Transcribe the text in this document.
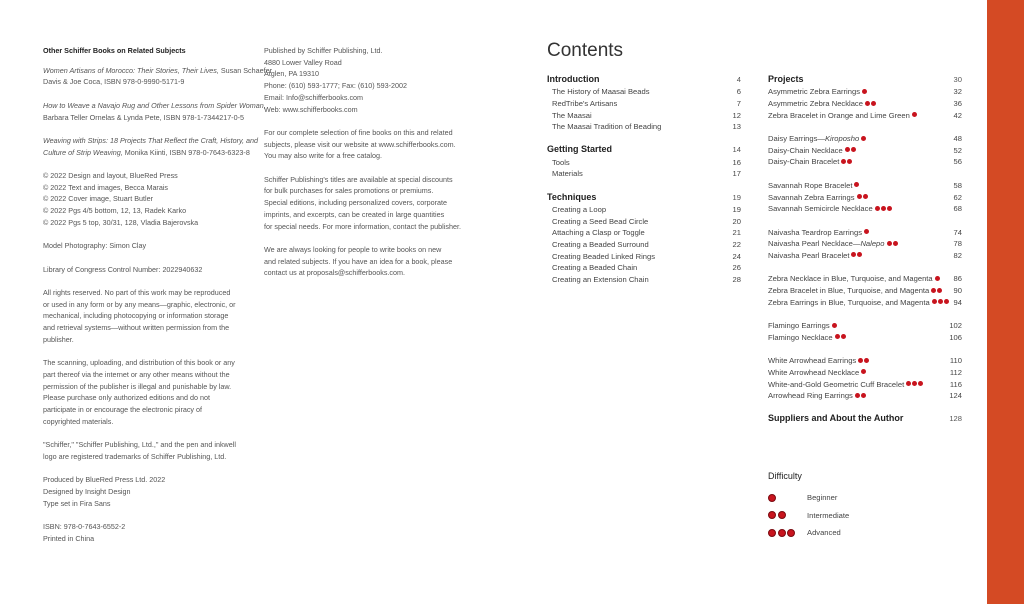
Other Schiffer Books on Related Subjects
Women Artisans of Morocco: Their Stories, Their Lives, Susan Schaefer
Davis & Joe Coca, ISBN 978-0-9990-5171-9
How to Weave a Navajo Rug and Other Lessons from Spider Woman,
Barbara Teller Ornelas & Lynda Pete, ISBN 978-1-7344217-0-5
Weaving with Strips: 18 Projects That Reflect the Craft, History, and
Culture of Strip Weaving, Monika Kiinti, ISBN 978-0-7643-6323-8
© 2022 Design and layout, BlueRed Press
© 2022 Text and images, Becca Marais
© 2022 Cover image, Stuart Butler
© 2022 Pgs 4/5 bottom, 12, 13, Radek Karko
© 2022 Pgs 5 top, 30/31, 128, Vladia Bajerovska
Model Photography: Simon Clay
Library of Congress Control Number: 2022940632
All rights reserved. No part of this work may be reproduced
or used in any form or by any means—graphic, electronic, or
mechanical, including photocopying or information storage
and retrieval systems—without written permission from the
publisher.
The scanning, uploading, and distribution of this book or any
part thereof via the internet or any other means without the
permission of the publisher is illegal and punishable by law.
Please purchase only authorized editions and do not
participate in or encourage the electronic piracy of
copyrighted materials.
"Schiffer," "Schiffer Publishing, Ltd.," and the pen and inkwell
logo are registered trademarks of Schiffer Publishing, Ltd.
Produced by BlueRed Press Ltd. 2022
Designed by Insight Design
Type set in Fira Sans
ISBN: 978-0-7643-6552-2
Printed in China
Published by Schiffer Publishing, Ltd.
4880 Lower Valley Road
Atglen, PA 19310
Phone: (610) 593-1777; Fax: (610) 593-2002
Email: Info@schifferbooks.com
Web: www.schifferbooks.com
For our complete selection of fine books on this and related
subjects, please visit our website at www.schifferbooks.com.
You may also write for a free catalog.
Schiffer Publishing's titles are available at special discounts
for bulk purchases for sales promotions or premiums.
Special editions, including personalized covers, corporate
imprints, and excerpts, can be created in large quantities
for special needs. For more information, contact the publisher.
We are always looking for people to write books on new
and related subjects. If you have an idea for a book, please
contact us at proposals@schifferbooks.com.
Contents
Introduction	4
The History of Maasai Beads	6
RedTribe's Artisans	7
The Maasai	12
The Maasai Tradition of Beading	13
Getting Started	14
Tools	16
Materials	17
Techniques	19
Creating a Loop	19
Creating a Seed Bead Circle	20
Attaching a Clasp or Toggle	21
Creating a Beaded Surround	22
Creating Beaded Linked Rings	24
Creating a Beaded Chain	26
Creating an Extension Chain	28
Projects	30
Asymmetric Zebra Earrings	32
Asymmetric Zebra Necklace	36
Zebra Bracelet in Orange and Lime Green	42
Daisy Earrings—Kiroposho	48
Daisy-Chain Necklace	52
Daisy-Chain Bracelet	56
Savannah Rope Bracelet	58
Savannah Zebra Earrings	62
Savannah Semicircle Necklace	68
Naivasha Teardrop Earrings	74
Naivasha Pearl Necklace—Nalepo	78
Naivasha Pearl Bracelet	82
Zebra Necklace in Blue, Turquoise, and Magenta	86
Zebra Bracelet in Blue, Turquoise, and Magenta	90
Zebra Earrings in Blue, Turquoise, and Magenta	94
Flamingo Earrings	102
Flamingo Necklace	106
White Arrowhead Earrings	110
White Arrowhead Necklace	112
White-and-Gold Geometric Cuff Bracelet	116
Arrowhead Ring Earrings	124
Suppliers and About the Author	128
Difficulty
Beginner
Intermediate
Advanced
